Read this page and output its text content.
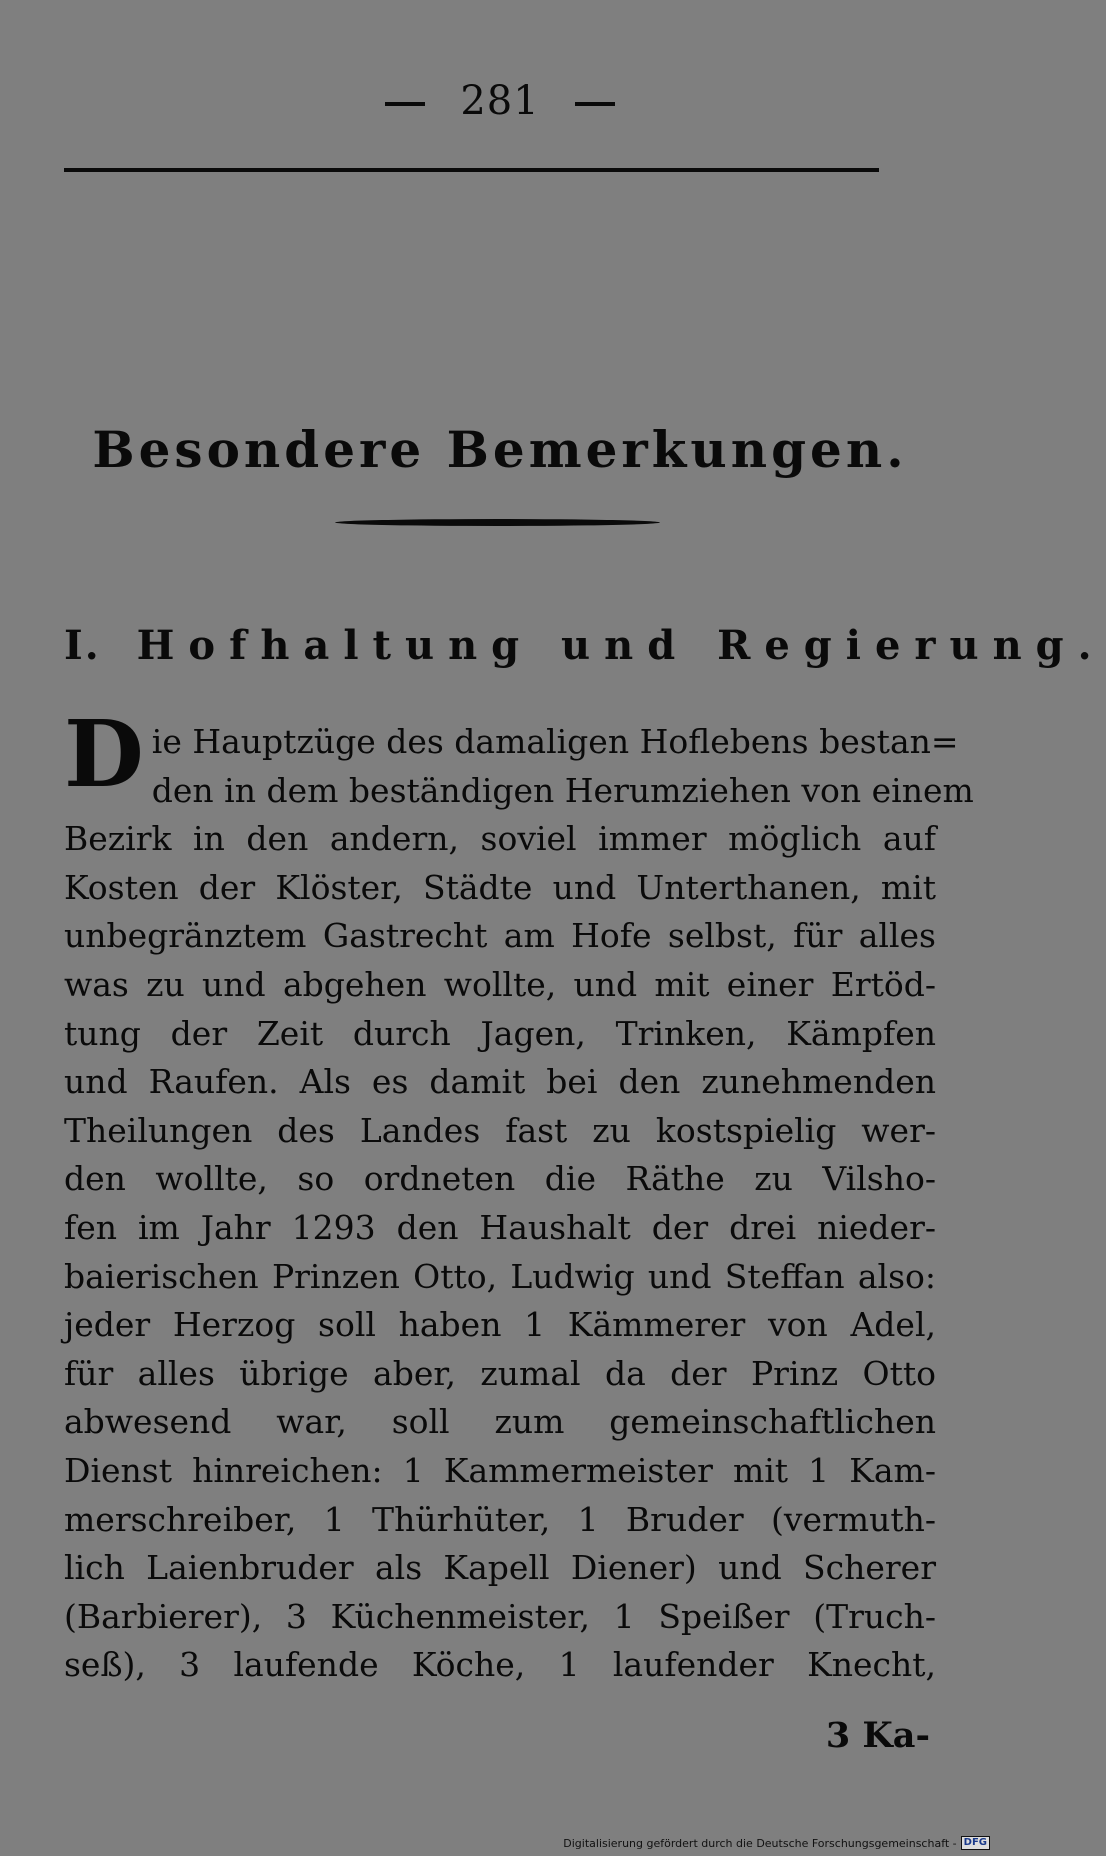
281
Besondere Bemerkungen.
I. Hofhaltung und Regierung.
D ie Hauptzüge des damaligen Hoflebens bestan=
den in dem beständigen Herumziehen von einem
Bezirk in den andern, soviel immer möglich auf
Kosten der Klöster, Städte und Unterthanen, mit
unbegränztem Gastrecht am Hofe selbst, für alles
was zu und abgehen wollte, und mit einer Ertöd-
tung der Zeit durch Jagen, Trinken, Kämpfen
und Raufen. Als es damit bei den zunehmenden
Theilungen des Landes fast zu kostspielig wer-
den wollte, so ordneten die Räthe zu Vilsho-
fen im Jahr 1293 den Haushalt der drei nieder-
baierischen Prinzen Otto, Ludwig und Steffan also:
jeder Herzog soll haben 1 Kämmerer von Adel,
für alles übrige aber, zumal da der Prinz Otto
abwesend war, soll zum gemeinschaftlichen
Dienst hinreichen: 1 Kammermeister mit 1 Kam-
merschreiber, 1 Thürhüter, 1 Bruder (vermuth-
lich Laienbruder als Kapell Diener) und Scherer
(Barbierer), 3 Küchenmeister, 1 Speißer (Truch-
seß), 3 laufende Köche, 1 laufender Knecht,
3 Ka-
Digitalisierung gefördert durch die Deutsche Forschungsgemeinschaft - DFG
